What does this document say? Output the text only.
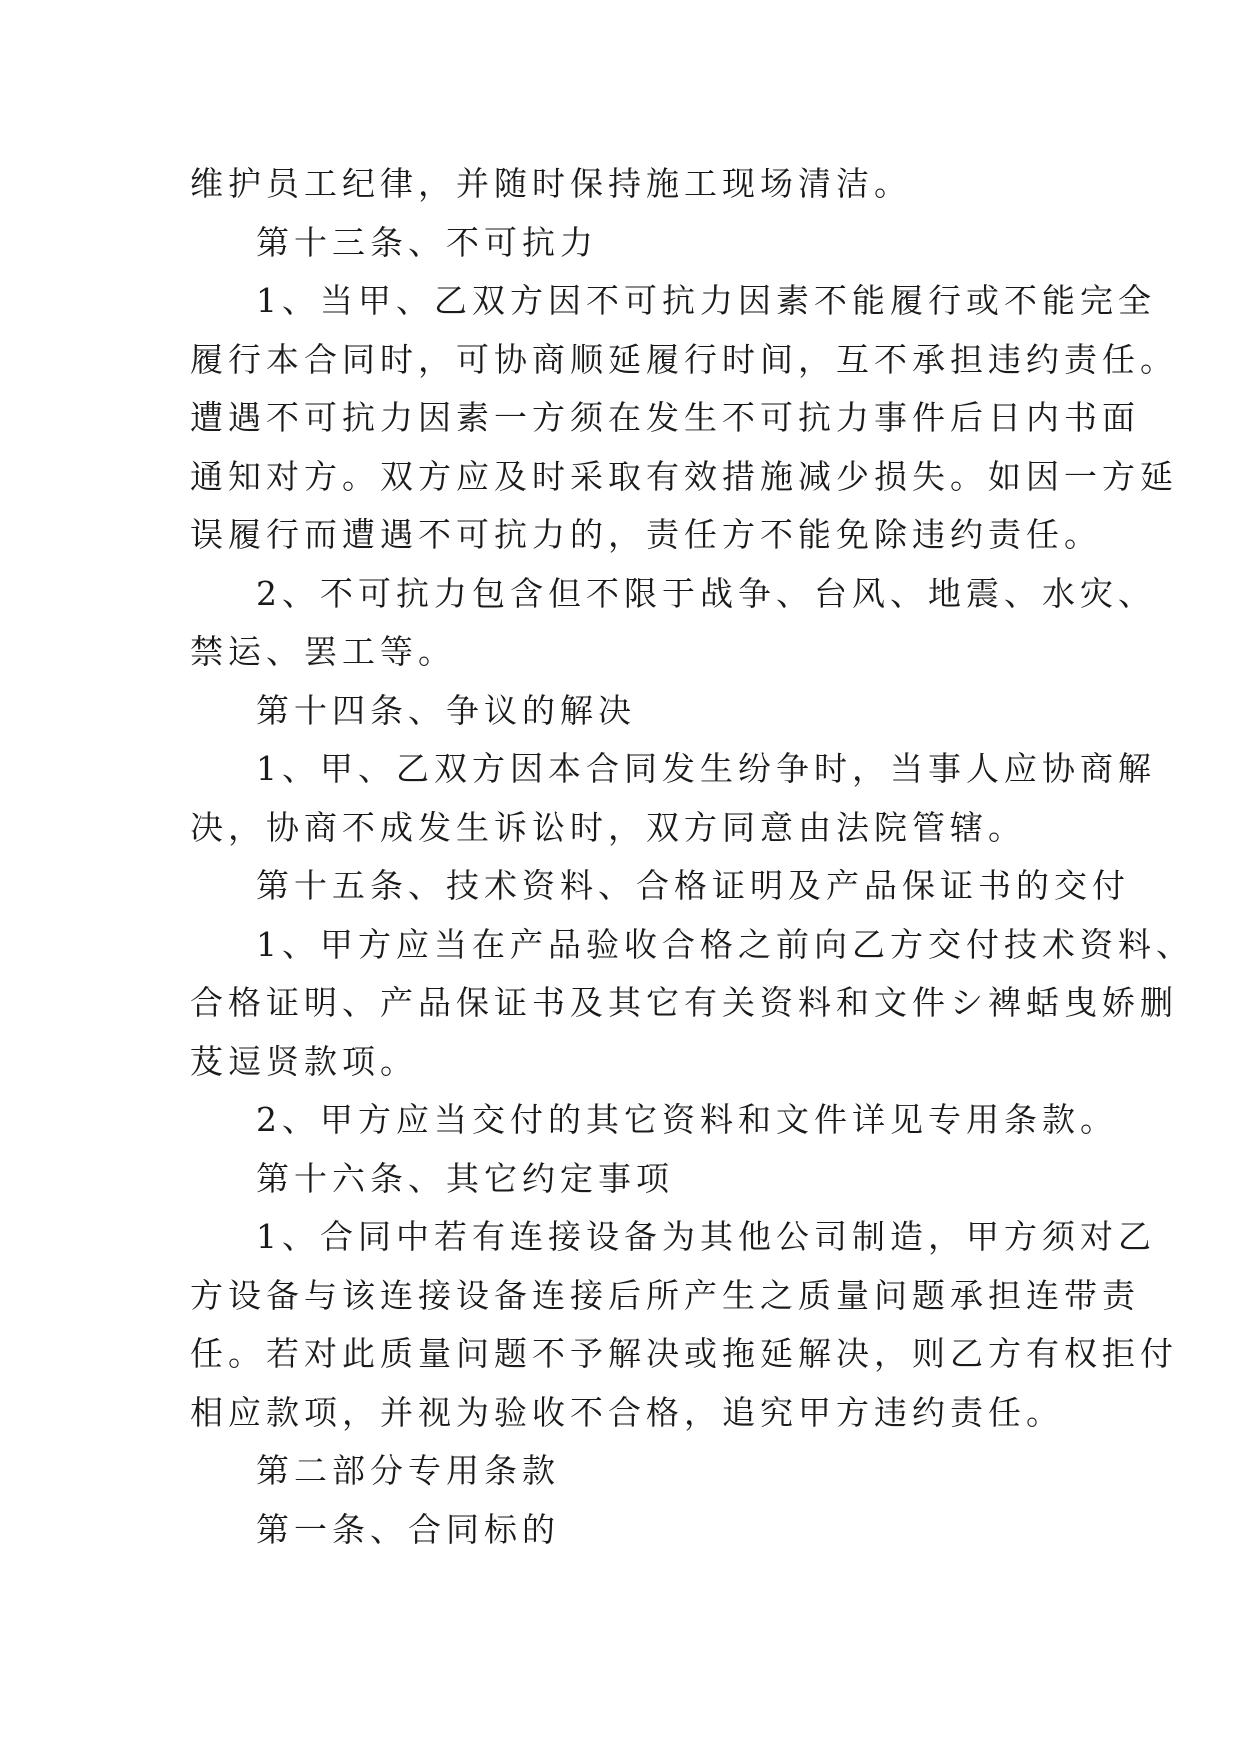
维护员工纪律，并随时保持施工现场清洁。
第十三条、不可抗力
1、当甲、乙双方因不可抗力因素不能履行或不能完全
履行本合同时，可协商顺延履行时间，互不承担违约责任。
遭遇不可抗力因素一方须在发生不可抗力事件后日内书面
通知对方。双方应及时采取有效措施减少损失。如因一方延
误履行而遭遇不可抗力的，责任方不能免除违约责任。
2、不可抗力包含但不限于战争、台风、地震、水灾、
禁运、罢工等。
第十四条、争议的解决
1、甲、乙双方因本合同发生纷争时，当事人应协商解
决，协商不成发生诉讼时，双方同意由法院管辖。
第十五条、技术资料、合格证明及产品保证书的交付
1、甲方应当在产品验收合格之前向乙方交付技术资料、
合格证明、产品保证书及其它有关资料和文件シ裨蛞曳娇删
芨逗贤款项。
2、甲方应当交付的其它资料和文件详见专用条款。
第十六条、其它约定事项
1、合同中若有连接设备为其他公司制造，甲方须对乙
方设备与该连接设备连接后所产生之质量问题承担连带责
任。若对此质量问题不予解决或拖延解决，则乙方有权拒付
相应款项，并视为验收不合格，追究甲方违约责任。
第二部分专用条款
第一条、合同标的
